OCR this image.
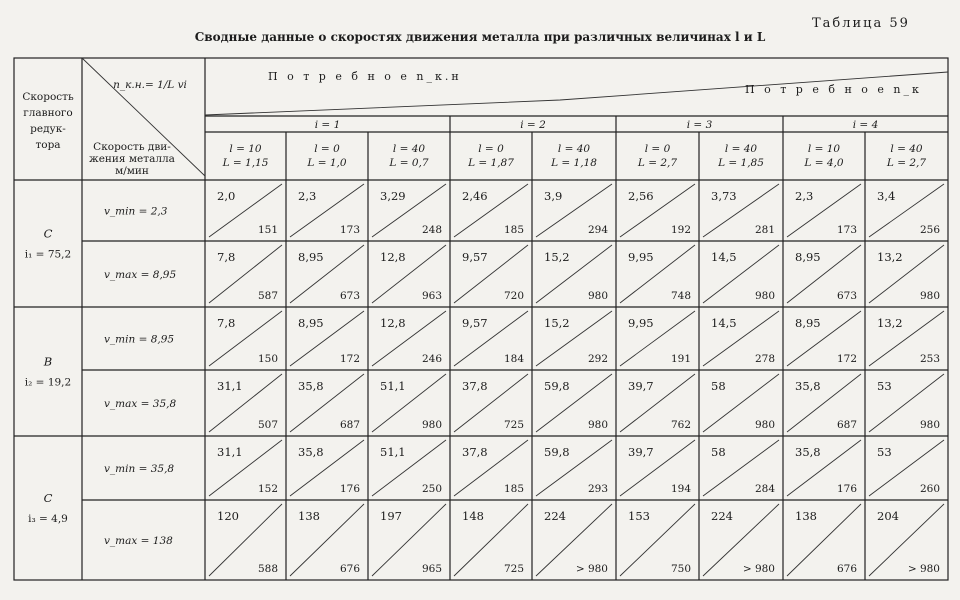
Таблица 59
Сводные данные о скоростях движения металла при различных величинах l и L
Скорость
главного
редук-
тора
n_к.н.= 1/L vi
Скорость дви-
жения металла
м/мин
П о т р е б н о е n_к.н
П о т р е б н о е n_к
i = 1
l = 10
L = 1,15
l = 0
L = 1,0
l = 40
L = 0,7
i = 2
l = 0
L = 1,87
l = 40
L = 1,18
i = 3
l = 0
L = 2,7
l = 40
L = 1,85
i = 4
l = 10
L = 4,0
l = 40
L = 2,7
C
i₁ = 75,2
v_min = 2,3
2,0
151
2,3
173
3,29
248
2,46
185
3,9
294
2,56
192
3,73
281
2,3
173
3,4
256
v_max = 8,95
7,8
587
8,95
673
12,8
963
9,57
720
15,2
980
9,95
748
14,5
980
8,95
673
13,2
980
B
i₂ = 19,2
v_min = 8,95
7,8
150
8,95
172
12,8
246
9,57
184
15,2
292
9,95
191
14,5
278
8,95
172
13,2
253
v_max = 35,8
31,1
507
35,8
687
51,1
980
37,8
725
59,8
980
39,7
762
58
980
35,8
687
53
980
C
i₃ = 4,9
v_min = 35,8
31,1
152
35,8
176
51,1
250
37,8
185
59,8
293
39,7
194
58
284
35,8
176
53
260
v_max = 138
120
588
138
676
197
965
148
725
224
> 980
153
750
224
> 980
138
676
204
> 980
